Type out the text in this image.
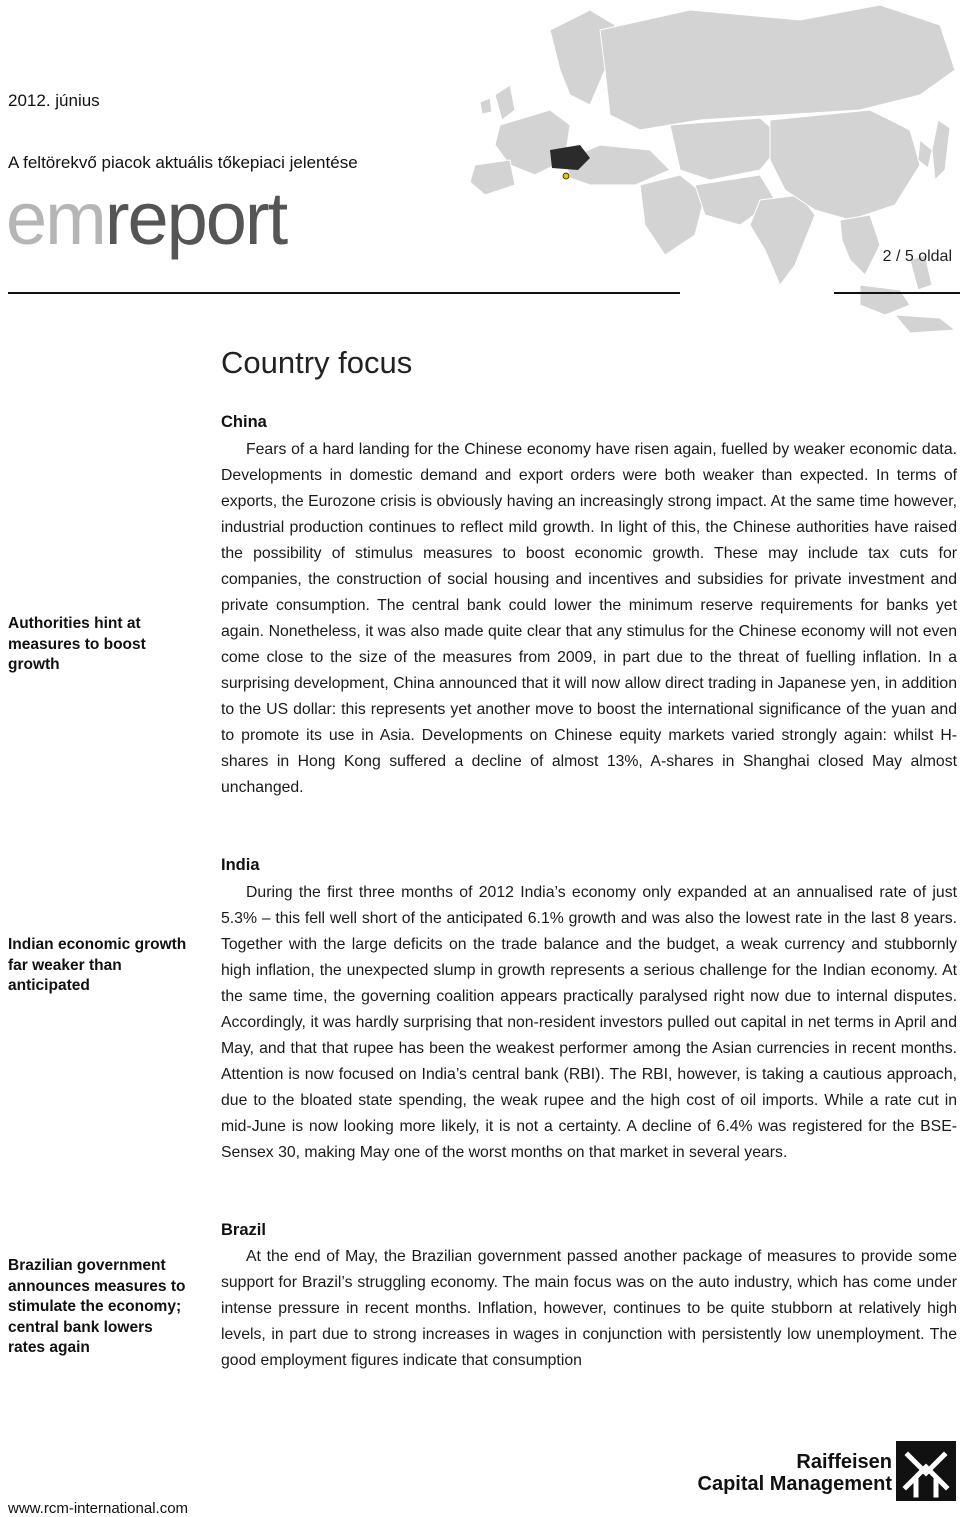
2012. június
A feltörekvő piacok aktuális tőkepiaci jelentése
emreport	2 / 5 oldal
Country focus
China

Fears of a hard landing for the Chinese economy have risen again, fuelled by weaker economic data. Developments in domestic demand and export orders were both weaker than expected. In terms of exports, the Eurozone crisis is obviously having an increasingly strong impact. At the same time however, industrial production continues to reflect mild growth. In light of this, the Chinese authorities have raised the possibility of stimulus measures to boost economic growth. These may include tax cuts for companies, the construction of social housing and incentives and subsidies for private investment and private consumption. The central bank could lower the minimum reserve requirements for banks yet again. Nonetheless, it was also made quite clear that any stimulus for the Chinese economy will not even come close to the size of the measures from 2009, in part due to the threat of fuelling inflation. In a surprising development, China announced that it will now allow direct trading in Japanese yen, in addition to the US dollar: this represents yet another move to boost the international significance of the yuan and to promote its use in Asia. Developments on Chinese equity markets varied strongly again: whilst H-shares in Hong Kong suffered a decline of almost 13%, A-shares in Shanghai closed May almost unchanged.

Authorities hint at measures to boost growth
India

During the first three months of 2012 India’s economy only expanded at an annualised rate of just 5.3% – this fell well short of the anticipated 6.1% growth and was also the lowest rate in the last 8 years. Together with the large deficits on the trade balance and the budget, a weak currency and stubbornly high inflation, the unexpected slump in growth represents a serious challenge for the Indian economy. At the same time, the governing coalition appears practically paralysed right now due to internal disputes. Accordingly, it was hardly surprising that non-resident investors pulled out capital in net terms in April and May, and that that rupee has been the weakest performer among the Asian currencies in recent months. Attention is now focused on India’s central bank (RBI). The RBI, however, is taking a cautious approach, due to the bloated state spending, the weak rupee and the high cost of oil imports. While a rate cut in mid-June is now looking more likely, it is not a certainty. A decline of 6.4% was registered for the BSE-Sensex 30, making May one of the worst months on that market in several years.

Indian economic growth far weaker than anticipated
Brazil

At the end of May, the Brazilian government passed another package of measures to provide some support for Brazil’s struggling economy. The main focus was on the auto industry, which has come under intense pressure in recent months. Inflation, however, continues to be quite stubborn at relatively high levels, in part due to strong increases in wages in conjunction with persistently low unemployment. The good employment figures indicate that consumption

Brazilian government announces measures to stimulate the economy; central bank lowers rates again
www.rcm-international.com
Raiffeisen
Capital Management
